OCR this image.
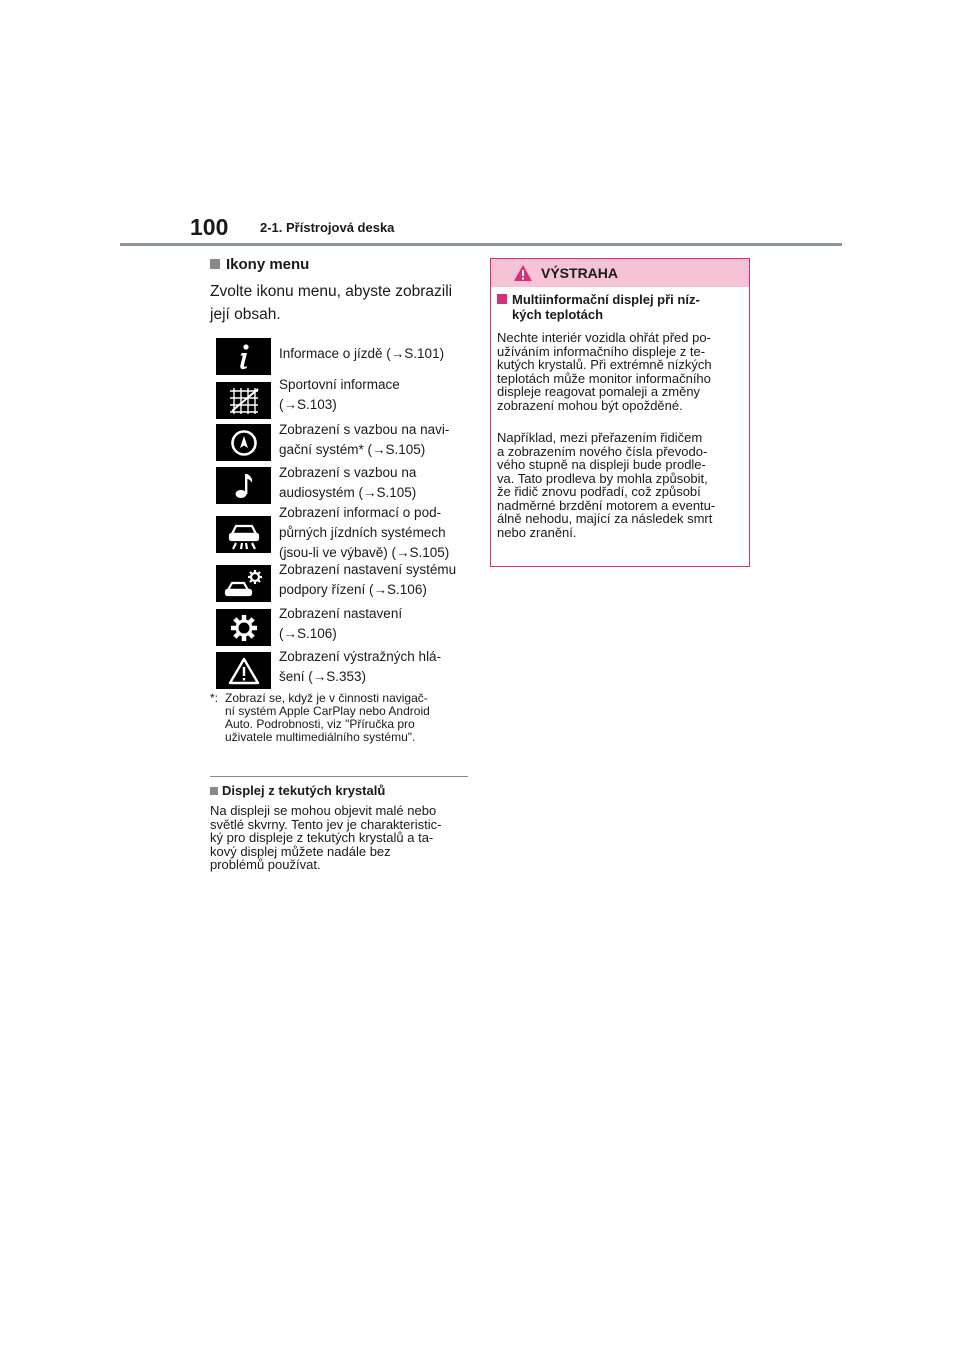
100 2-1. Přístrojová deska
Ikony menu
Zvolte ikonu menu, abyste zobrazili její obsah.
Informace o jízdě (→S.101)
Sportovní informace
(→S.103)
Zobrazení s vazbou na navi-
gační systém* (→S.105)
Zobrazení s vazbou na
audiosystém (→S.105)
Zobrazení informací o pod-
půrných jízdních systémech
(jsou-li ve výbavě) (→S.105)
Zobrazení nastavení systému
podpory řízení (→S.106)
Zobrazení nastavení
(→S.106)
Zobrazení výstražných hlá-
šení (→S.353)
*: Zobrazí se, když je v činnosti navigač-
ní systém Apple CarPlay nebo Android
Auto. Podrobnosti, viz "Příručka pro
uživatele multimediálního systému".
Displej z tekutých krystalů
Na displeji se mohou objevit malé nebo
světlé skvrny. Tento jev je charakteristic-
ký pro displeje z tekutých krystalů a ta-
kový displej můžete nadále bez
problémů používat.
VÝSTRAHA
Multiinformační displej při níz-
kých teplotách
Nechte interiér vozidla ohřát před po-
užíváním informačního displeje z te-
kutých krystalů. Při extrémně nízkých
teplotách může monitor informačního
displeje reagovat pomaleji a změny
zobrazení mohou být opožděné.
Například, mezi přeřazením řidičem
a zobrazením nového čísla převodo-
vého stupně na displeji bude prodle-
va. Tato prodleva by mohla způsobit,
že řidič znovu podřadí, což způsobí
nadměrné brzdění motorem a eventu-
álně nehodu, mající za následek smrt
nebo zranění.
